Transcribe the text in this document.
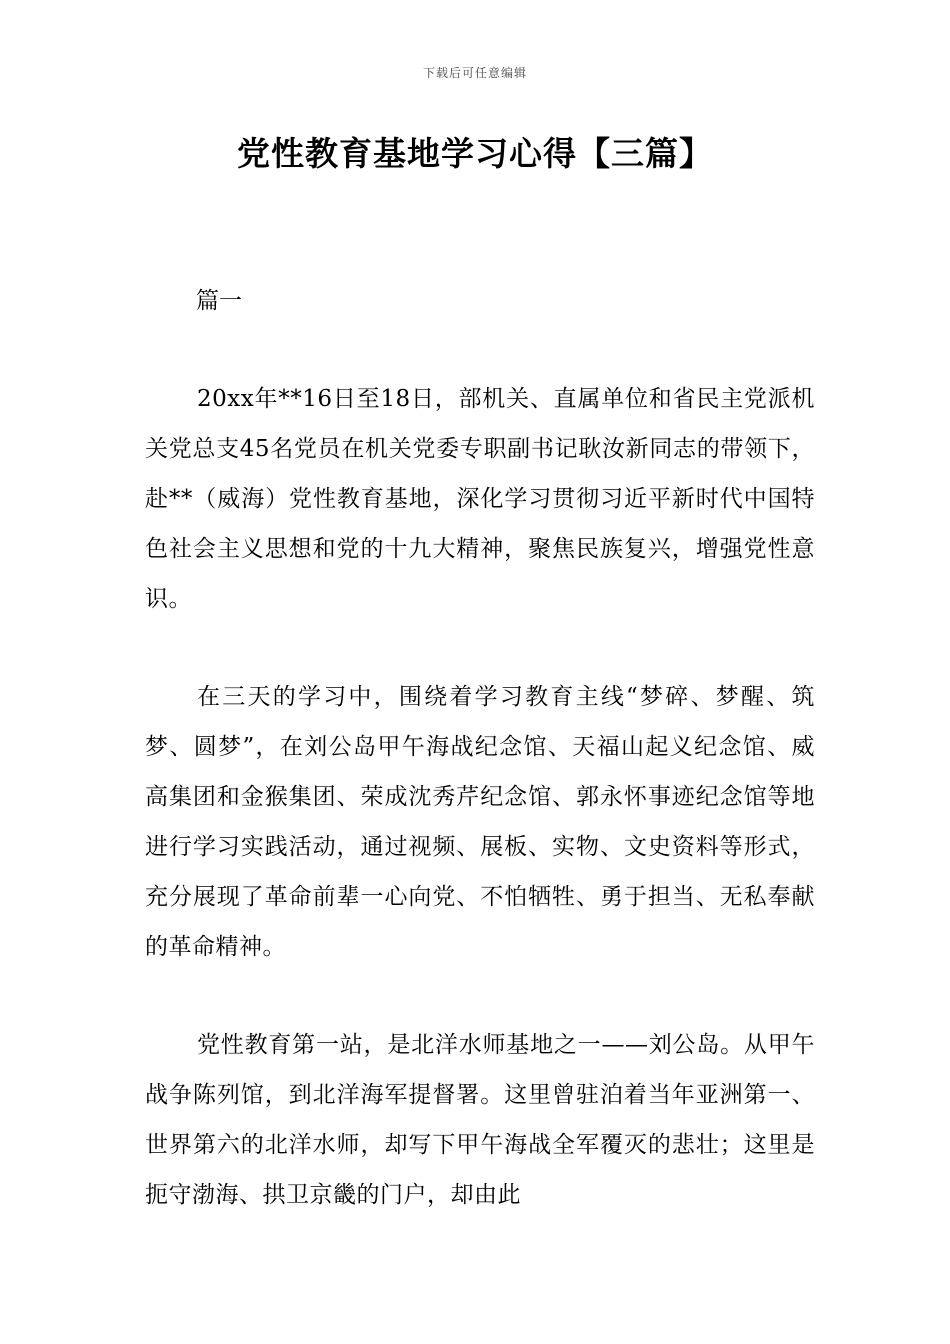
下载后可任意编辑
党性教育基地学习心得【三篇】
篇一

20xx年**16日至18日，部机关、直属单位和省民主党派机关党总支45名党员在机关党委专职副书记耿汝新同志的带领下，赴**（威海）党性教育基地，深化学习贯彻习近平新时代中国特色社会主义思想和党的十九大精神，聚焦民族复兴，增强党性意识。

在三天的学习中，围绕着学习教育主线“梦碎、梦醒、筑梦、圆梦”，在刘公岛甲午海战纪念馆、天福山起义纪念馆、威高集团和金猴集团、荣成沈秀芹纪念馆、郭永怀事迹纪念馆等地进行学习实践活动，通过视频、展板、实物、文史资料等形式，充分展现了革命前辈一心向党、不怕牺牲、勇于担当、无私奉献的革命精神。

党性教育第一站，是北洋水师基地之一——刘公岛。从甲午战争陈列馆，到北洋海军提督署。这里曾驻泊着当年亚洲第一、世界第六的北洋水师，却写下甲午海战全军覆灭的悲壮；这里是扼守渤海、拱卫京畿的门户，却由此
